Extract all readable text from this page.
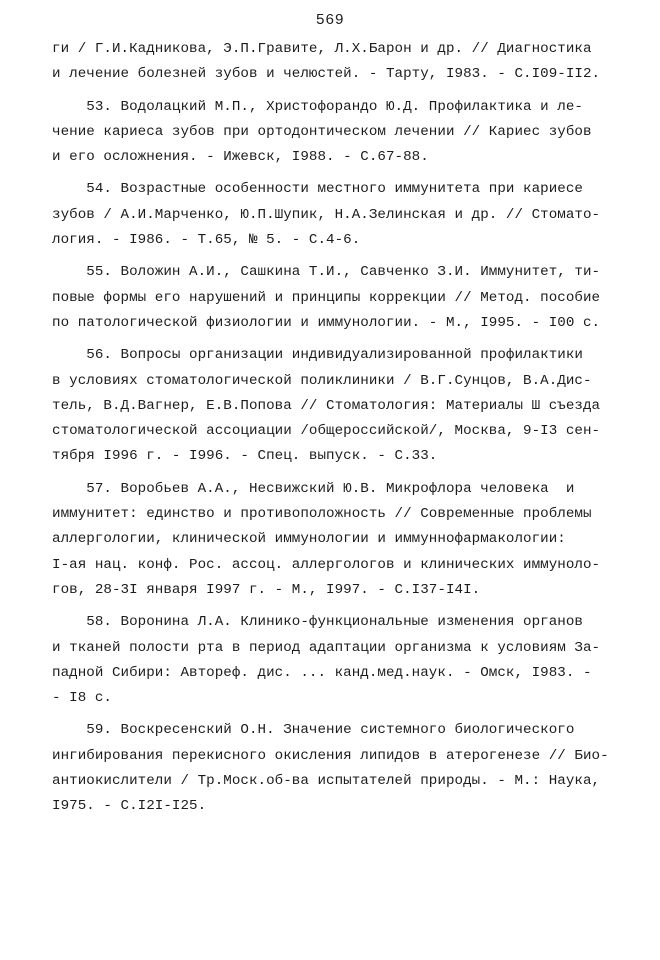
569
ги / Г.И.Кадникова, Э.П.Гравите, Л.Х.Барон и др. // Диагностика
и лечение болезней зубов и челюстей. - Тарту, I983. - С.I09-II2.
53. Водолацкий М.П., Христофорандо Ю.Д. Профилактика и ле-
чение кариеса зубов при ортодонтическом лечении // Кариес зубов
и его осложнения. - Ижевск, I988. - С.67-88.
54. Возрастные особенности местного иммунитета при кариесе
зубов / А.И.Марченко, Ю.П.Шупик, Н.А.Зелинская и др. // Стомато-
логия. - I986. - Т.65, № 5. - С.4-6.
55. Воложин А.И., Сашкина Т.И., Савченко З.И. Иммунитет, ти-
повые формы его нарушений и принципы коррекции // Метод. пособие
по патологической физиологии и иммунологии. - М., I995. - I00 с.
56. Вопросы организации индивидуализированной профилактики
в условиях стоматологической поликлиники / В.Г.Сунцов, В.А.Дис-
тель, В.Д.Вагнер, Е.В.Попова // Стоматология: Материалы Ш съезда
стоматологической ассоциации /общероссийской/, Москва, 9-I3 сен-
тября I996 г. - I996. - Спец. выпуск. - С.33.
57. Воробьев А.А., Несвижский Ю.В. Микрофлора человека  и
иммунитет: единство и противоположность // Современные проблемы
аллергологии, клинической иммунологии и иммуннофармакологии:
I-ая нац. конф. Рос. ассоц. аллергологов и клинических иммуноло-
гов, 28-3I января I997 г. - М., I997. - С.I37-I4I.
58. Воронина Л.А. Клинико-функциональные изменения органов
и тканей полости рта в период адаптации организма к условиям За-
падной Сибири: Автореф. дис. ... канд.мед.наук. - Омск, I983. -
- I8 с.
59. Воскресенский О.Н. Значение системного биологического
ингибирования перекисного окисления липидов в атерогенезе // Био-
антиокислители / Тр.Моск.об-ва испытателей природы. - М.: Наука,
I975. - С.I2I-I25.
